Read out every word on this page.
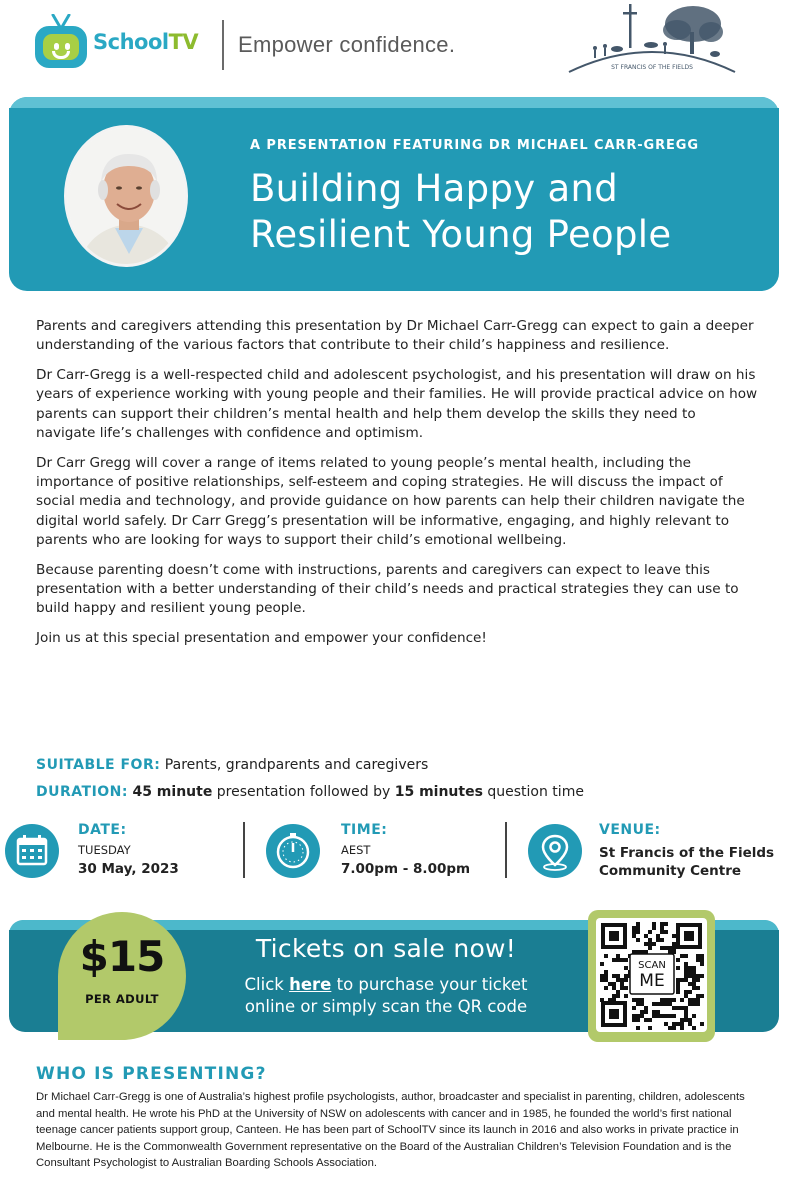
SchoolTV Empower confidence.
ST FRANCIS OF THE FIELDS
A PRESENTATION FEATURING DR MICHAEL CARR-GREGG
Building Happy and
Resilient Young People

Parents and caregivers attending this presentation by Dr Michael Carr-Gregg can expect to gain a deeper understanding of the various factors that contribute to their child’s happiness and resilience.

Dr Carr-Gregg is a well-respected child and adolescent psychologist, and his presentation will draw on his years of experience working with young people and their families. He will provide practical advice on how parents can support their children’s mental health and help them develop the skills they need to navigate life’s challenges with confidence and optimism.

Dr Carr Gregg will cover a range of items related to young people’s mental health, including the importance of positive relationships, self-esteem and coping strategies. He will discuss the impact of social media and technology, and provide guidance on how parents can help their children navigate the digital world safely. Dr Carr Gregg’s presentation will be informative, engaging, and highly relevant to parents who are looking for ways to support their child’s emotional wellbeing.

Because parenting doesn’t come with instructions, parents and caregivers can expect to leave this presentation with a better understanding of their child’s needs and practical strategies they can use to build happy and resilient young people.

Join us at this special presentation and empower your confidence!

SUITABLE FOR: Parents, grandparents and caregivers
DURATION: 45 minute presentation followed by 15 minutes question time
DATE:
TUESDAY
30 May, 2023
TIME:
AEST
7.00pm - 8.00pm
VENUE:
St Francis of the Fields
Community Centre
$15
PER ADULT
Tickets on sale now!
Click here to purchase your ticket
online or simply scan the QR code
SCAN
ME
WHO IS PRESENTING?
Dr Michael Carr-Gregg is one of Australia’s highest profile psychologists, author, broadcaster and specialist in parenting, children, adolescents and mental health. He wrote his PhD at the University of NSW on adolescents with cancer and in 1985, he founded the world’s first national teenage cancer patients support group, Canteen. He has been part of SchoolTV since its launch in 2016 and also works in private practice in Melbourne. He is the Commonwealth Government representative on the Board of the Australian Children’s Television Foundation and is the Consultant Psychologist to Australian Boarding Schools Association.
